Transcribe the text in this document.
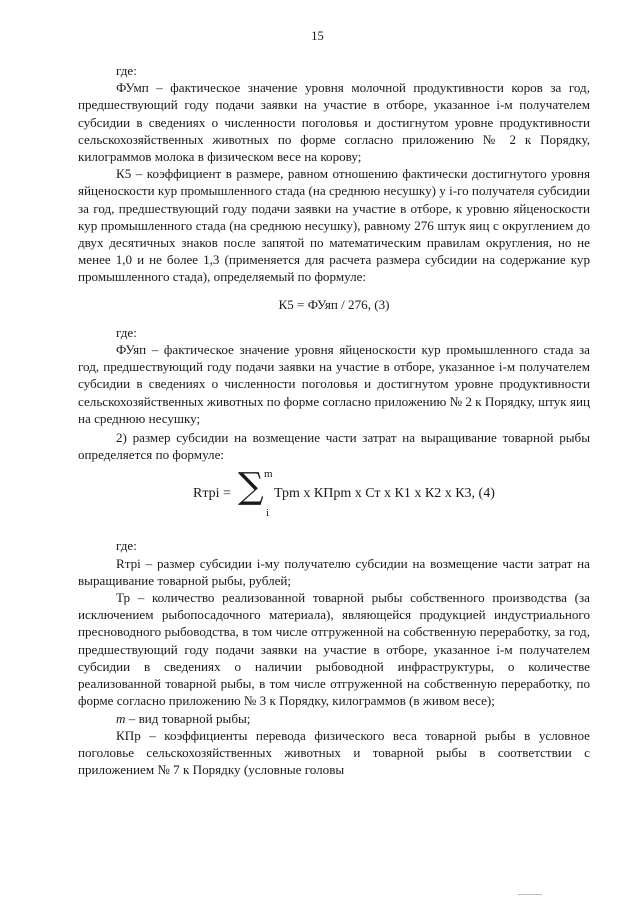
15

где:

ФУмп – фактическое значение уровня молочной продуктивности коров за год, предшествующий году подачи заявки на участие в отборе, указанное i-м получателем субсидии в сведениях о численности поголовья и достигнутом уровне продуктивности сельскохозяйственных животных по форме согласно приложению № 2 к Порядку, килограммов молока в физическом весе на корову;

К5 – коэффициент в размере, равном отношению фактически достигнутого уровня яйценоскости кур промышленного стада (на среднюю несушку) у i-го получателя субсидии за год, предшествующий году подачи заявки на участие в отборе, к уровню яйценоскости кур промышленного стада (на среднюю несушку), равному 276 штук яиц с округлением до двух десятичных знаков после запятой по математическим правилам округления, но не менее 1,0 и не более 1,3 (применяется для расчета размера субсидии на содержание кур промышленного стада), определяемый по формуле:

К5 = ФУяп / 276, (3)

где:

ФУяп – фактическое значение уровня яйценоскости кур промышленного стада за год, предшествующий году подачи заявки на участие в отборе, указанное i-м получателем субсидии в сведениях о численности поголовья и достигнутом уровне продуктивности сельскохозяйственных животных по форме согласно приложению № 2 к Порядку, штук яиц на среднюю несушку;

2) размер субсидии на возмещение части затрат на выращивание товарной рыбы определяется по формуле:

Rтрi = ∑ m
i
Трm x КПрm x Ст x К1 x К2 x К3, (4)

где:

Rтрi – размер субсидии i-му получателю субсидии на возмещение части затрат на выращивание товарной рыбы, рублей;

Тр – количество реализованной товарной рыбы собственного производства (за исключением рыбопосадочного материала), являющейся продукцией индустриального пресноводного рыбоводства, в том числе отгруженной на собственную переработку, за год, предшествующий году подачи заявки на участие в отборе, указанное i-м получателем субсидии в сведениях о наличии рыбоводной инфраструктуры, о количестве реализованной товарной рыбы, в том числе отгруженной на собственную переработку, по форме согласно приложению № 3 к Порядку, килограммов (в живом весе);

m – вид товарной рыбы;

КПр – коэффициенты перевода физического веса товарной рыбы в условное поголовье сельскохозяйственных животных и товарной рыбы в соответствии с приложением № 7 к Порядку (условные головы
